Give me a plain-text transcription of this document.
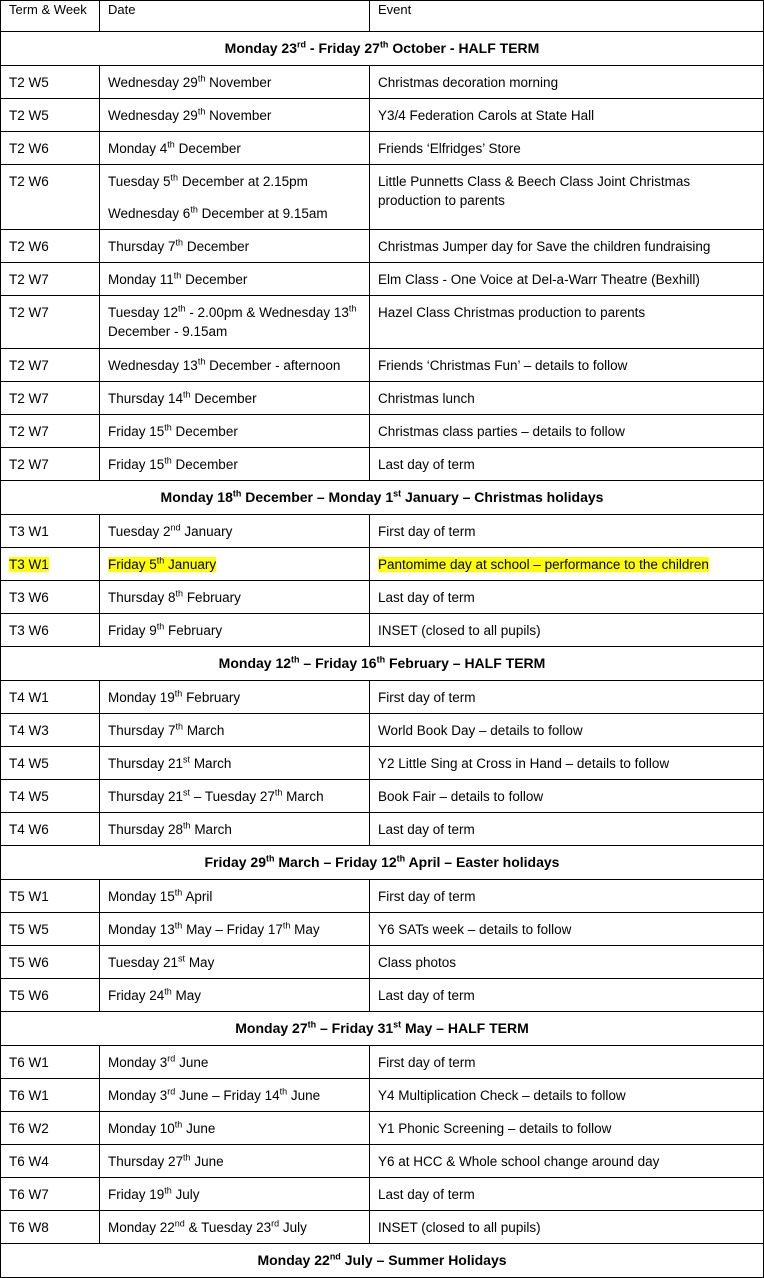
Term & Week	Date	Event
Monday 23rd - Friday 27th October - HALF TERM		

T2 W5	Wednesday 29th November	Christmas decoration morning

T2 W5	Wednesday 29th November	Y3/4 Federation Carols at State Hall

T2 W6	Monday 4th December	Friends ‘Elfridges’ Store

T2 W6	Tuesday 5th December at 2.15pm
Wednesday 6th December at 9.15am	Little Punnetts Class & Beech Class Joint Christmas production to parents

T2 W6	Thursday 7th December	Christmas Jumper day for Save the children fundraising

T2 W7	Monday 11th December	Elm Class - One Voice at Del-a-Warr Theatre (Bexhill)

T2 W7	Tuesday 12th - 2.00pm & Wednesday 13th December - 9.15am	Hazel Class Christmas production to parents

T2 W7	Wednesday 13th December - afternoon	Friends ‘Christmas Fun’ – details to follow

T2 W7	Thursday 14th December	Christmas lunch

T2 W7	Friday 15th December	Christmas class parties – details to follow

T2 W7	Friday 15th December	Last day of term

Monday 18th December – Monday 1st January – Christmas holidays		

T3 W1	Tuesday 2nd January	First day of term

T3 W1	Friday 5th January	Pantomime day at school – performance to the children

T3 W6	Thursday 8th February	Last day of term

T3 W6	Friday 9th February	INSET (closed to all pupils)

Monday 12th – Friday 16th February – HALF TERM		

T4 W1	Monday 19th February	First day of term

T4 W3	Thursday 7th March	World Book Day – details to follow

T4 W5	Thursday 21st March	Y2 Little Sing at Cross in Hand – details to follow

T4 W5	Thursday 21st – Tuesday 27th March	Book Fair – details to follow

T4 W6	Thursday 28th March	Last day of term

Friday 29th March – Friday 12th April – Easter holidays		

T5 W1	Monday 15th April	First day of term

T5 W5	Monday 13th May – Friday 17th May	Y6 SATs week – details to follow

T5 W6	Tuesday 21st May	Class photos

T5 W6	Friday 24th May	Last day of term

Monday 27th – Friday 31st May – HALF TERM		

T6 W1	Monday 3rd June	First day of term

T6 W1	Monday 3rd June – Friday 14th June	Y4 Multiplication Check – details to follow

T6 W2	Monday 10th June	Y1 Phonic Screening – details to follow

T6 W4	Thursday 27th June	Y6 at HCC & Whole school change around day

T6 W7	Friday 19th July	Last day of term

T6 W8	Monday 22nd & Tuesday 23rd July	INSET (closed to all pupils)

Monday 22nd July – Summer Holidays		
